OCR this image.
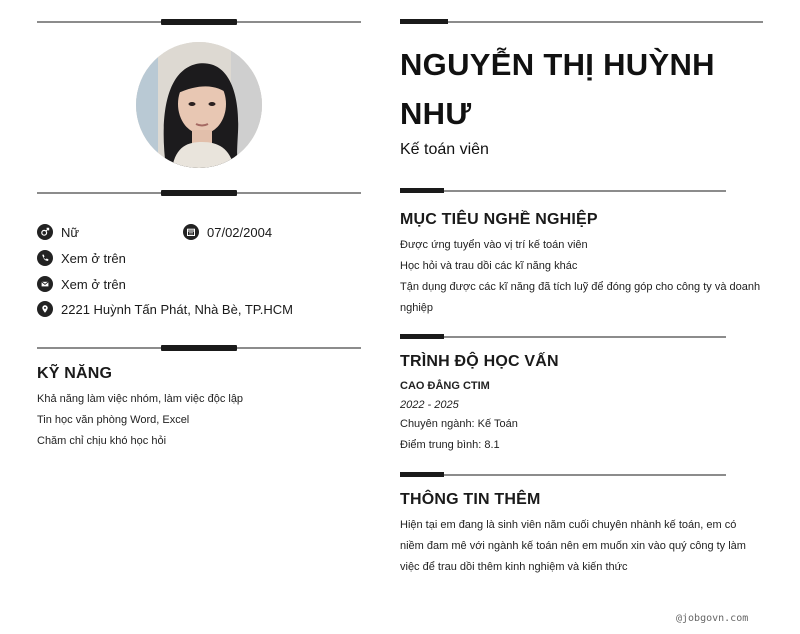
Nữ	07/02/2004
Xem ở trên
Xem ở trên
2221 Huỳnh Tấn Phát, Nhà Bè, TP.HCM
KỸ NĂNG
Khả năng làm việc nhóm, làm việc độc lập
Tin học văn phòng Word, Excel
Chăm chỉ chịu khó học hỏi
NGUYỄN THỊ HUỲNH NHƯ
Kế toán viên
MỤC TIÊU NGHỀ NGHIỆP
Được ứng tuyển vào vị trí kế toán viên
Học hỏi và trau dồi các kĩ năng khác
Tận dụng được các kĩ năng đã tích luỹ để đóng góp cho công ty và doanh
nghiệp
TRÌNH ĐỘ HỌC VẤN
CAO ĐẲNG CTIM
2022 - 2025
Chuyên ngành: Kế Toán
Điểm trung bình: 8.1
THÔNG TIN THÊM
Hiện tại em đang là sinh viên năm cuối chuyên nhành kế toán, em có
niềm đam mê với ngành kế toán nên em muốn xin vào quý công ty làm
việc để trau dồi thêm kinh nghiệm và kiến thức
@jobgovn.com
